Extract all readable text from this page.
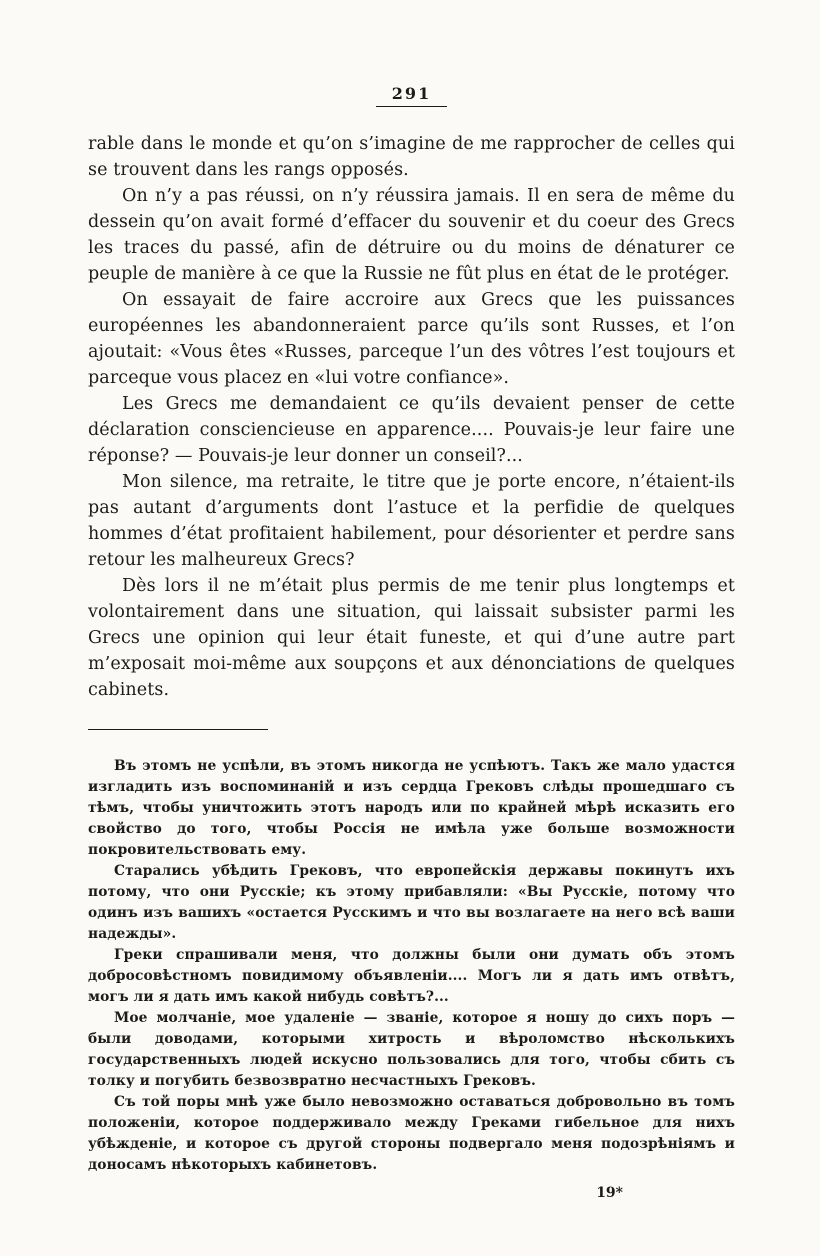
291

rable dans le monde et qu’on s’imagine de me rapprocher de celles qui se trouvent dans les rangs opposés.

On n’y a pas réussi, on n’y réussira jamais. Il en sera de même du dessein qu’on avait formé d’effacer du souvenir et du coeur des Grecs les traces du passé, afin de détruire ou du moins de dénaturer ce peuple de manière à ce que la Russie ne fût plus en état de le protéger.

On essayait de faire accroire aux Grecs que les puissances européennes les abandonneraient parce qu’ils sont Russes, et l’on ajoutait: «Vous êtes «Russes, parceque l’un des vôtres l’est toujours et parceque vous placez en «lui votre confiance».

Les Grecs me demandaient ce qu’ils devaient penser de cette déclaration consciencieuse en apparence.... Pouvais-je leur faire une réponse? — Pouvais-je leur donner un conseil?...

Mon silence, ma retraite, le titre que je porte encore, n’étaient-ils pas autant d’arguments dont l’astuce et la perfidie de quelques hommes d’état profitaient habilement, pour désorienter et perdre sans retour les malheureux Grecs?

Dès lors il ne m’était plus permis de me tenir plus longtemps et volontairement dans une situation, qui laissait subsister parmi les Grecs une opinion qui leur était funeste, et qui d’une autre part m’exposait moi-même aux soupçons et aux dénonciations de quelques cabinets.

Въ этомъ не успѣли, въ этомъ никогда не успѣютъ. Такъ же мало удастся изгладить изъ воспоминаній и изъ сердца Грековъ слѣды прошедшаго съ тѣмъ, чтобы уничтожить этотъ народъ или по крайней мѣрѣ исказить его свойство до того, чтобы Россія не имѣла уже больше возможности покровительствовать ему.

Старались убѣдить Грековъ, что европейскія державы покинутъ ихъ потому, что они Русскіе; къ этому прибавляли: «Вы Русскіе, потому что одинъ изъ вашихъ «остается Русскимъ и что вы возлагаете на него всѣ ваши надежды».

Греки спрашивали меня, что должны были они думать объ этомъ добросовѣстномъ повидимому объявленіи.... Могъ ли я дать имъ отвѣтъ, могъ ли я дать имъ какой нибудь совѣтъ?...

Мое молчаніе, мое удаленіе — званіе, которое я ношу до сихъ поръ — были доводами, которыми хитрость и вѣроломство нѣсколькихъ государственныхъ людей искусно пользовались для того, чтобы сбить съ толку и погубить безвозвратно несчастныхъ Грековъ.

Съ той поры мнѣ уже было невозможно оставаться добровольно въ томъ положеніи, которое поддерживало между Греками гибельное для нихъ убѣжденіе, и которое съ другой стороны подвергало меня подозрѣніямъ и доносамъ нѣкоторыхъ кабинетовъ.

19*
